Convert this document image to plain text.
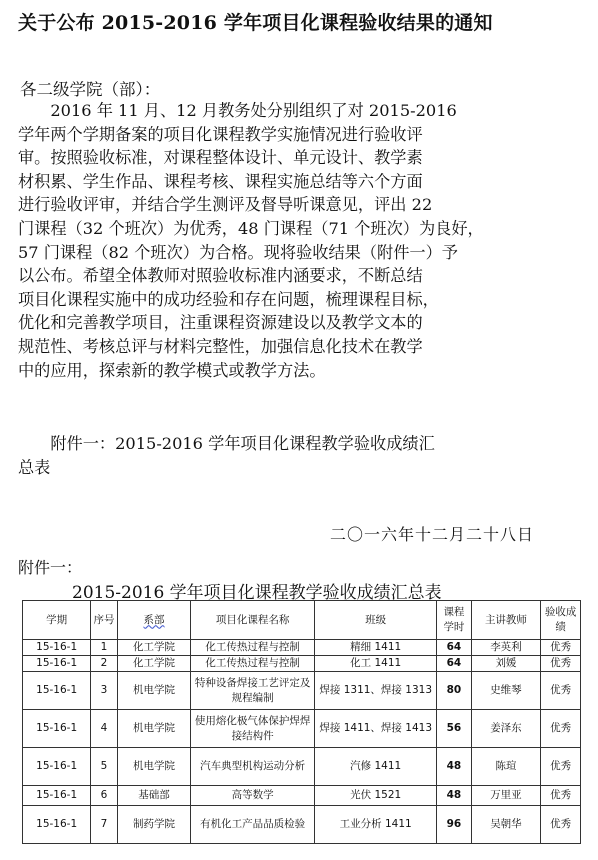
关于公布 2015-2016 学年项目化课程验收结果的通知
各二级学院（部）：
　　2016 年 11 月、12 月教务处分别组织了对 2015-2016
学年两个学期备案的项目化课程教学实施情况进行验收评
审。按照验收标准，对课程整体设计、单元设计、教学素
材积累、学生作品、课程考核、课程实施总结等六个方面
进行验收评审，并结合学生测评及督导听课意见，评出 22
门课程（32 个班次）为优秀，48 门课程（71 个班次）为良好，
57 门课程（82 个班次）为合格。现将验收结果（附件一）予
以公布。希望全体教师对照验收标准内涵要求，不断总结
项目化课程实施中的成功经验和存在问题，梳理课程目标，
优化和完善教学项目，注重课程资源建设以及教学文本的
规范性、考核总评与材料完整性，加强信息化技术在教学
中的应用，探索新的教学模式或教学方法。
　　附件一：2015-2016 学年项目化课程教学验收成绩汇
总表
二〇一六年十二月二十八日
附件一：
2015-2016 学年项目化课程教学验收成绩汇总表
学期	序号	系部	项目化课程名称	班级	课程学时	主讲教师	验收成绩
15-16-1	1	化工学院	化工传热过程与控制	精细 1411	64	李英利	优秀
15-16-1	2	化工学院	化工传热过程与控制	化工 1411	64	刘媛	优秀
15-16-1	3	机电学院	特种设备焊接工艺评定及规程编制	焊接 1311、焊接 1313	80	史维琴	优秀
15-16-1	4	机电学院	使用熔化极气体保护焊焊接结构件	焊接 1411、焊接 1413	56	姜泽东	优秀
15-16-1	5	机电学院	汽车典型机构运动分析	汽修 1411	48	陈瑄	优秀
15-16-1	6	基础部	高等数学	光伏 1521	48	万里亚	优秀
15-16-1	7	制药学院	有机化工产品品质检验	工业分析 1411	96	吴朝华	优秀
